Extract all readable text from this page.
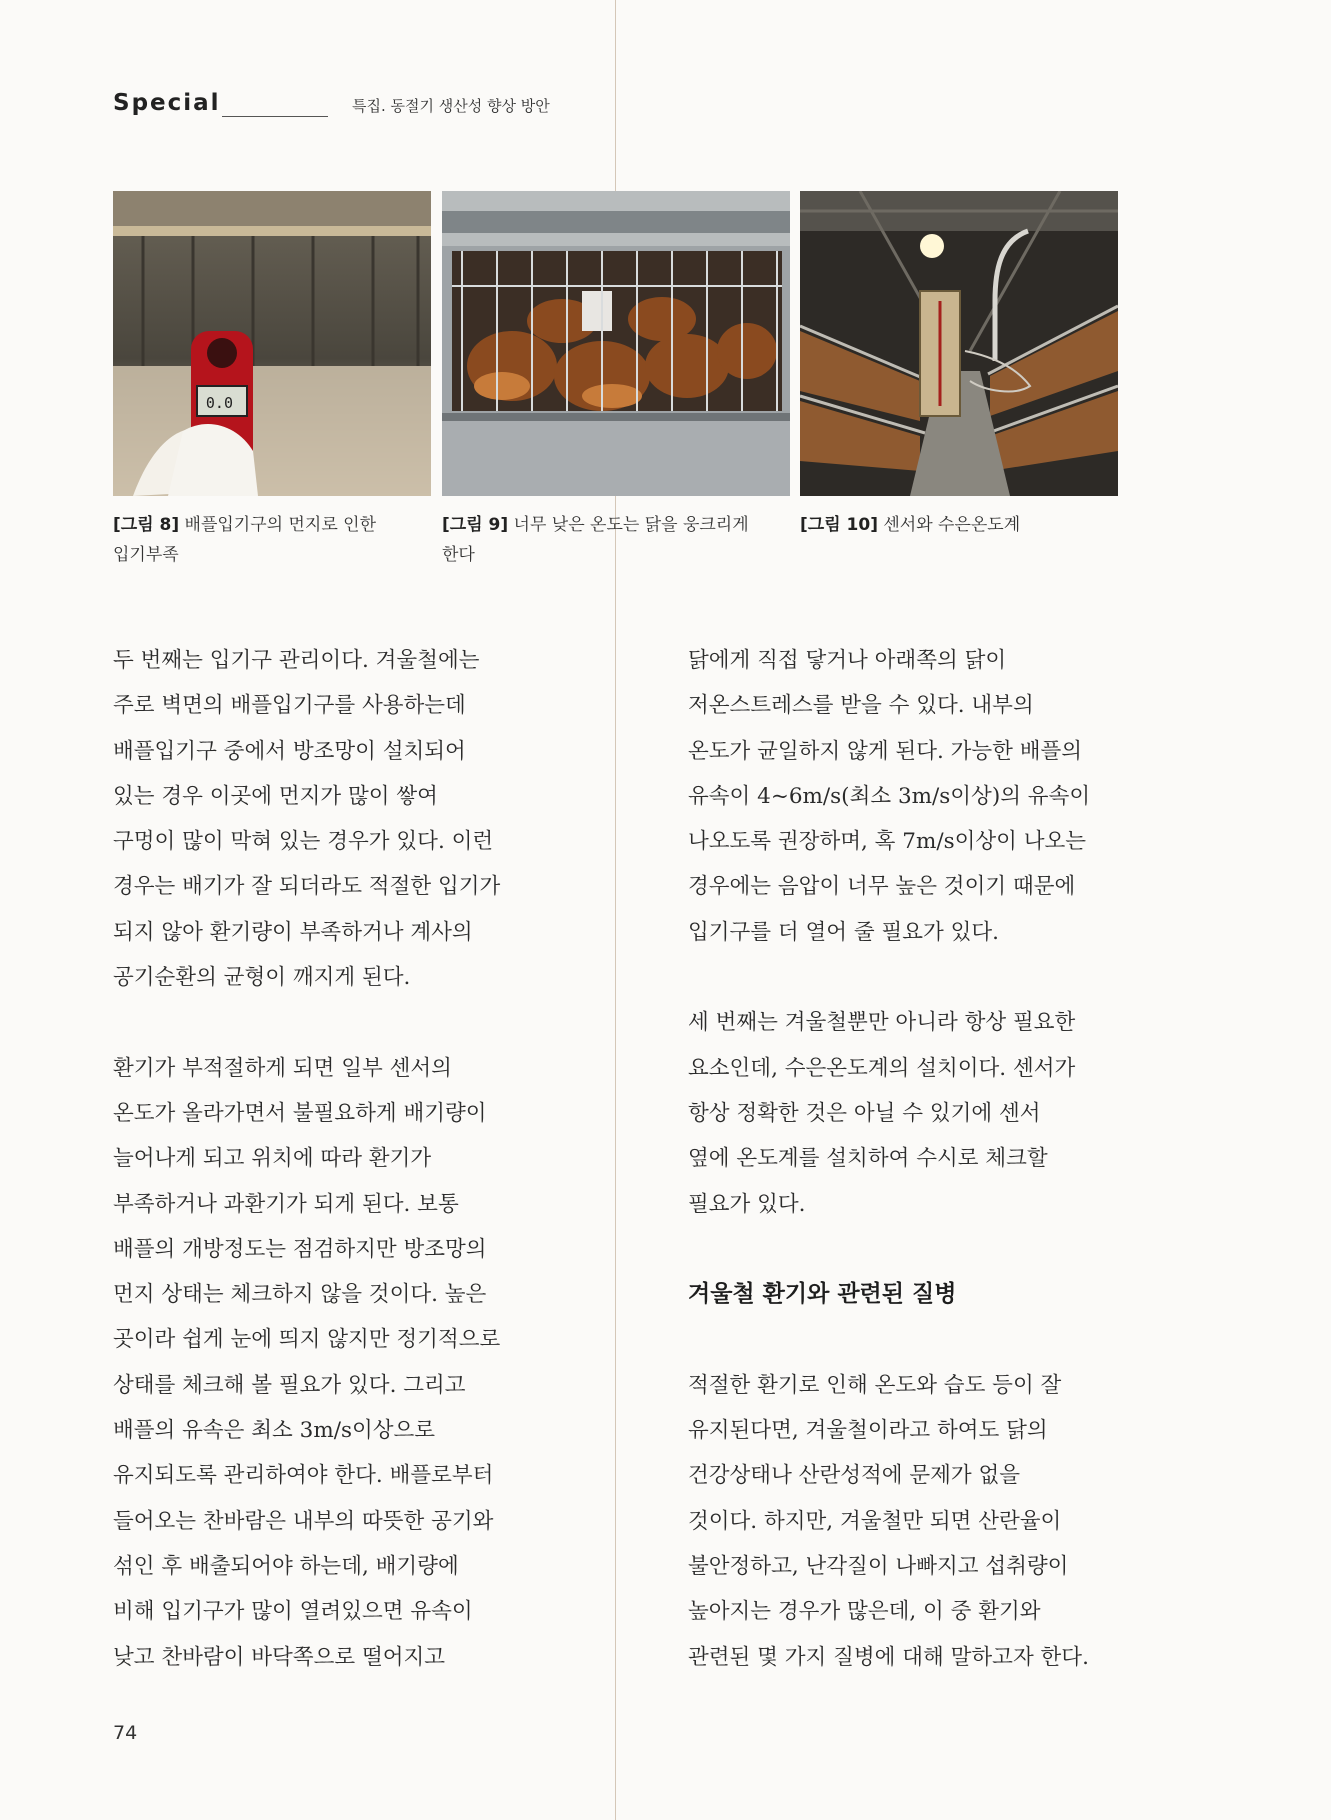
Special	특집. 동절기 생산성 향상 방안
0.0
[그림 8] 배플입기구의 먼지로 인한
입기부족
[그림 9] 너무 낮은 온도는 닭을 웅크리게
한다
[그림 10] 센서와 수은온도계

두 번째는 입기구 관리이다. 겨울철에는

주로 벽면의 배플입기구를 사용하는데

배플입기구 중에서 방조망이 설치되어

있는 경우 이곳에 먼지가 많이 쌓여

구멍이 많이 막혀 있는 경우가 있다. 이런

경우는 배기가 잘 되더라도 적절한 입기가

되지 않아 환기량이 부족하거나 계사의

공기순환의 균형이 깨지게 된다.

환기가 부적절하게 되면 일부 센서의

온도가 올라가면서 불필요하게 배기량이

늘어나게 되고 위치에 따라 환기가

부족하거나 과환기가 되게 된다. 보통

배플의 개방정도는 점검하지만 방조망의

먼지 상태는 체크하지 않을 것이다. 높은

곳이라 쉽게 눈에 띄지 않지만 정기적으로

상태를 체크해 볼 필요가 있다. 그리고

배플의 유속은 최소 3m/s이상으로

유지되도록 관리하여야 한다. 배플로부터

들어오는 찬바람은 내부의 따뜻한 공기와

섞인 후 배출되어야 하는데, 배기량에

비해 입기구가 많이 열려있으면 유속이

낮고 찬바람이 바닥쪽으로 떨어지고

닭에게 직접 닿거나 아래쪽의 닭이

저온스트레스를 받을 수 있다. 내부의

온도가 균일하지 않게 된다. 가능한 배플의

유속이 4~6m/s(최소 3m/s이상)의 유속이

나오도록 권장하며, 혹 7m/s이상이 나오는

경우에는 음압이 너무 높은 것이기 때문에

입기구를 더 열어 줄 필요가 있다.

세 번째는 겨울철뿐만 아니라 항상 필요한

요소인데, 수은온도계의 설치이다. 센서가

항상 정확한 것은 아닐 수 있기에 센서

옆에 온도계를 설치하여 수시로 체크할

필요가 있다.

겨울철 환기와 관련된 질병

적절한 환기로 인해 온도와 습도 등이 잘

유지된다면, 겨울철이라고 하여도 닭의

건강상태나 산란성적에 문제가 없을

것이다. 하지만, 겨울철만 되면 산란율이

불안정하고, 난각질이 나빠지고 섭취량이

높아지는 경우가 많은데, 이 중 환기와

관련된 몇 가지 질병에 대해 말하고자 한다.

74
